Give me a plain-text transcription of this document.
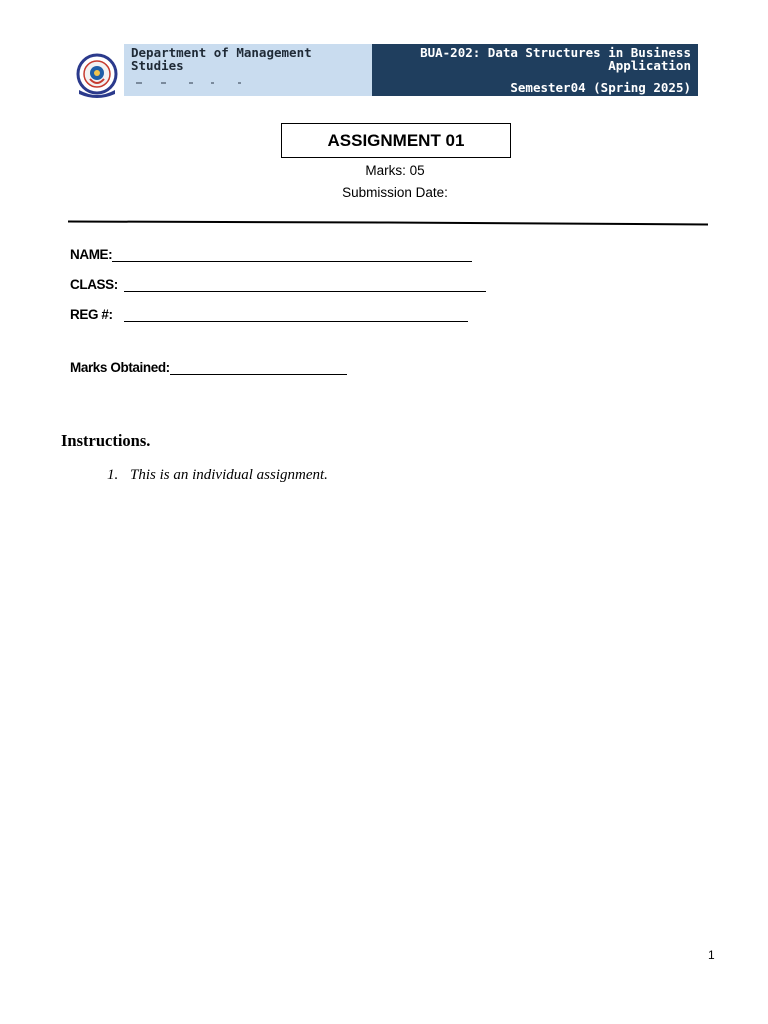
Department of Management Studies
BUA-202: Data Structures in Business Application
Semester04 (Spring 2025)
ASSIGNMENT 01
Marks: 05
Submission Date:
NAME:
CLASS:
REG #:
Marks Obtained:
Instructions.
1. This is an individual assignment.
1
